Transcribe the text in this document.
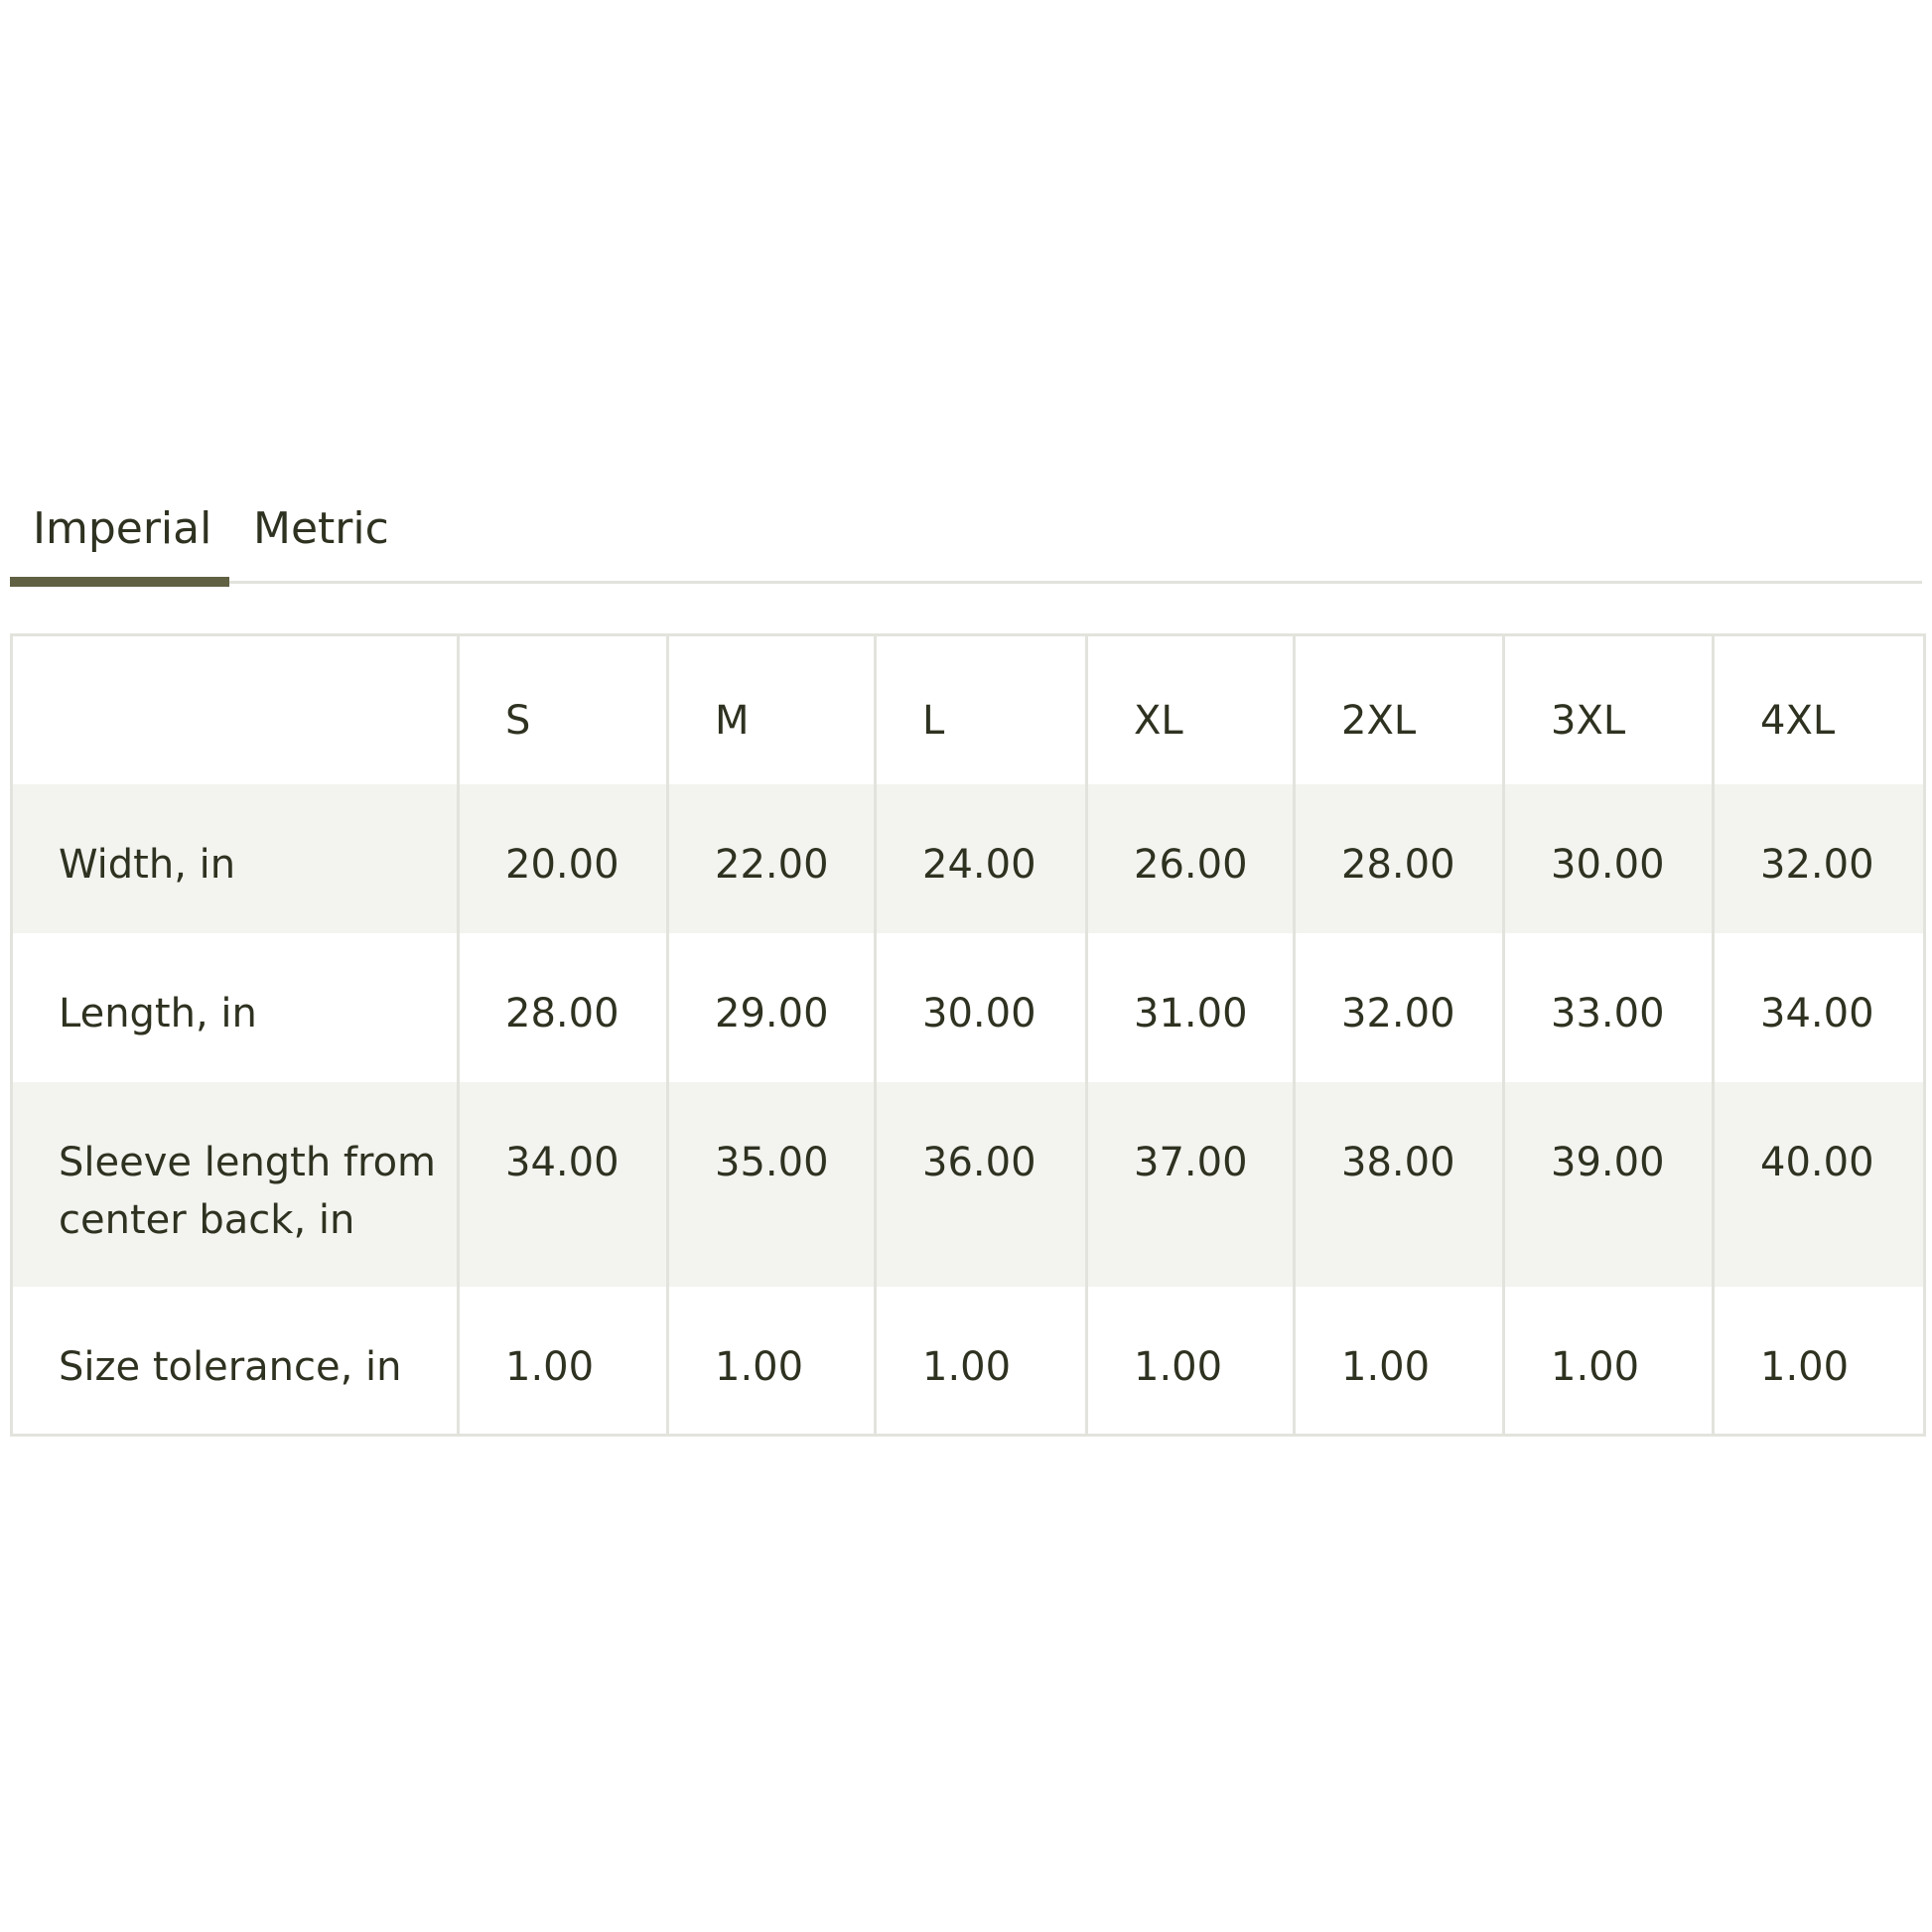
Imperial Metric
	S	M	L	XL	2XL	3XL	4XL
Width, in	20.00	22.00	24.00	26.00	28.00	30.00	32.00
Length, in	28.00	29.00	30.00	31.00	32.00	33.00	34.00
Sleeve length from center back, in	34.00	35.00	36.00	37.00	38.00	39.00	40.00
Size tolerance, in	1.00	1.00	1.00	1.00	1.00	1.00	1.00
